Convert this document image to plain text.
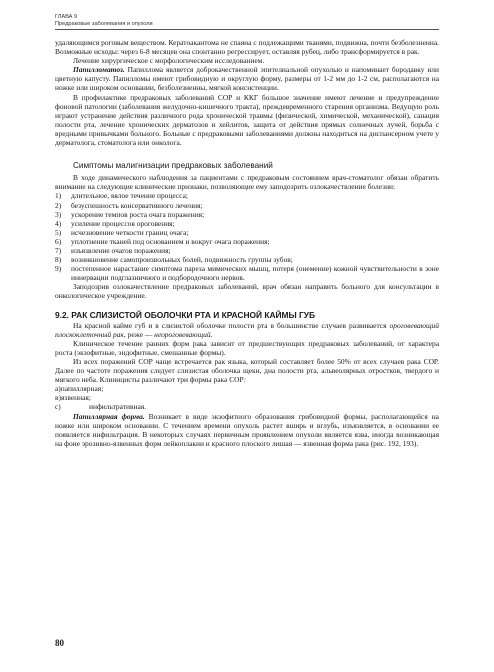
ГЛАВА 9
Предраковые заболевания и опухоли

удаляющимся роговым веществом. Кератоакантома не спаяна с подлежащими тканями, подвижна, почти безболезненна. Возможные исходы: через 6-8 месяцев она спонтанно регрессирует, оставляя рубец, либо трансформируется в рак.

Лечение хирургическое с морфологическим исследованием.

Папилломатоз. Папиллома является доброкачественной эпителиальной опухолью и напоминает бородавку или цветную капусту. Папилломы имеют грибовидную и округлую форму, размеры от 1-2 мм до 1-2 см, располагаются на ножке или широком основании, безболезненны, мягкой консистенции.

В профилактике предраковых заболеваний СОР и ККГ большое значение имеют лечение и предупреждение фоновой патологии (заболевания желудочно-кишечного тракта), преждевременного старения организма. Ведущую роль играют устранение действия различного рода хронической травмы (физической, химической, механической), санация полости рта, лечение хронических дерматозов и хейлитов, защита от действия прямых солнечных лучей, борьба с вредными привычками больного. Больные с предраковыми заболеваниями должны находиться на диспансерном учете у дерматолога, стоматолога или онколога.

Симптомы малигнизации предраковых заболеваний

В ходе динамического наблюдения за пациентами с предраковым состоянием врач-стоматолог обязан обратить внимание на следующие клинические признаки, позволяющие ему заподозрить озлокачествление болезни:

1)	длительное, вялое течение процесса;
2)	безуспешность консервативного лечения;
3)	ускорение темпов роста очага поражения;
4)	усиление процессов ороговения;
5)	исчезновение четкости границ очага;
6)	уплотнение тканей под основанием и вокруг очага поражения;
7)	изъязвление очагов поражения;
8)	возникновение самопроизвольных болей, подвижность группы зубов;
9)	постепенное нарастание симптома пареза мимических мышц, потеря (онемение) кожной чувствительности в зоне иннервации подглазничного и подбородочного нервов.

Заподозрив озлокачествление предраковых заболеваний, врач обязан направить больного для консультации в онкологическое учреждение.

9.2. РАК СЛИЗИСТОЙ ОБОЛОЧКИ РТА И КРАСНОЙ КАЙМЫ ГУБ

На красной кайме губ и в слизистой оболочке полости рта в большинстве случаев развивается ороговевающий плоскоклеточный рак, реже — неороговевающий.

Клиническое течение ранних форм рака зависит от предшествующих предраковых заболеваний, от характера роста (экзофитные, эндофитные, смешанные формы).

Из всех поражений СОР чаще встречается рак языка, который составляет более 50% от всех случаев рака СОР. Далее по частоте поражения следует слизистая оболочка щеки, дна полости рта, альвеолярных отростков, твердого и мягкого неба. Клиницисты различают три формы рака СОР:

а)папиллярная;
в)язвенная;
с)	инфильтративная.

Папиллярная форма. Возникает в виде экзофитного образования грибовидной формы, располагающейся на ножке или широком основании. С течением времени опухоль растет вширь и вглубь, изъязвляется, в основании ее появляется инфильтрация. В некоторых случаях первичным проявлением опухоли является язва, иногда возникающая на фоне эрозивно-язвенных форм лейкоплакии и красного плоского лишая — язвенная форма рака (рис. 192, 193).

80
